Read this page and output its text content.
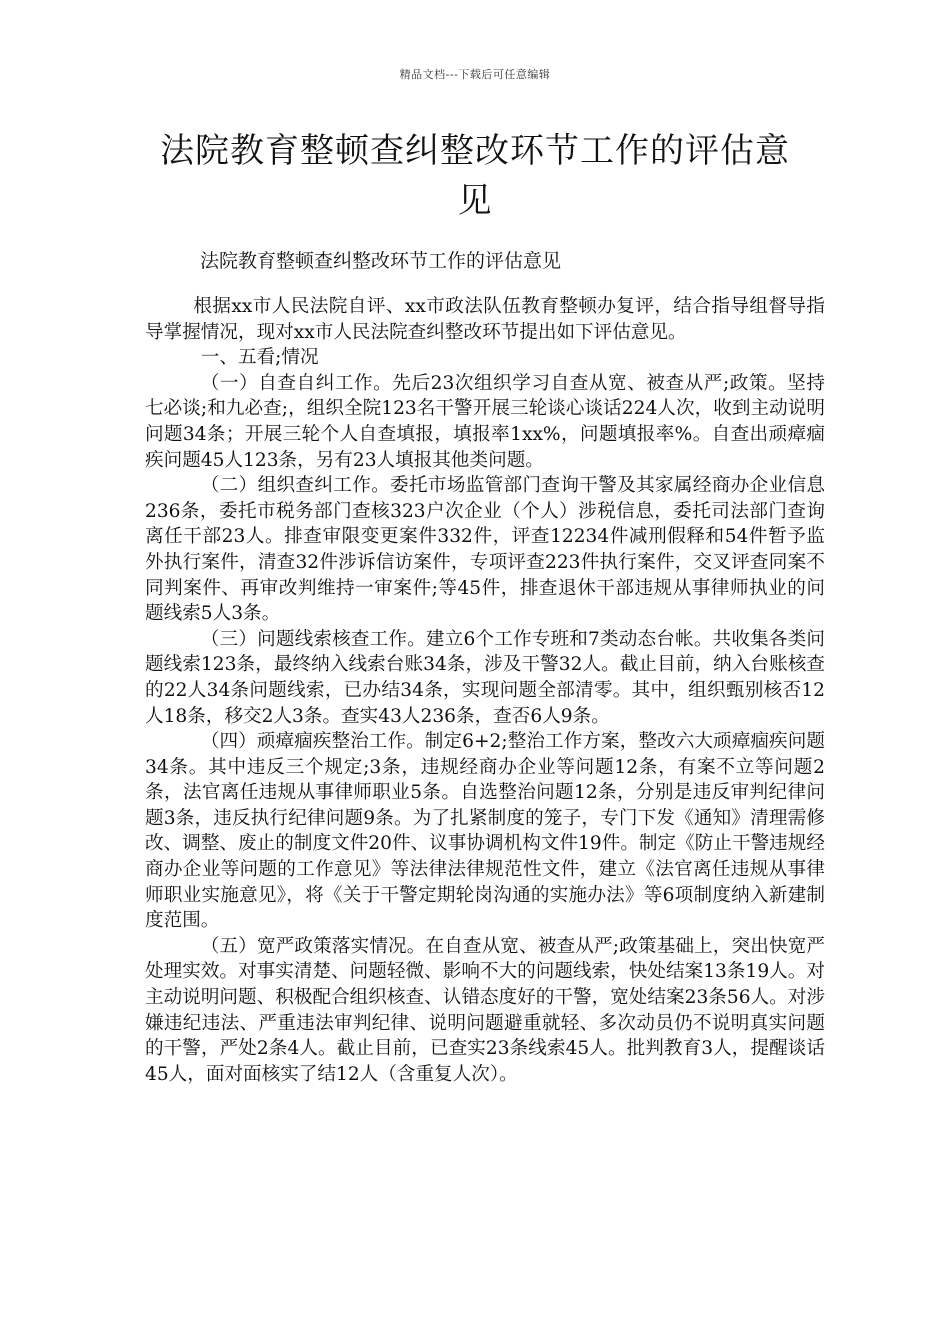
精品文档---下载后可任意编辑
法院教育整顿查纠整改环节工作的评估意见

法院教育整顿查纠整改环节工作的评估意见

根据xx市人民法院自评、xx市政法队伍教育整顿办复评，结合指导组督导指导掌握情况，现对xx市人民法院查纠整改环节提出如下评估意见。

一、五看;情况

（一）自查自纠工作。先后23次组织学习自查从宽、被查从严;政策。坚持七必谈;和九必查;，组织全院123名干警开展三轮谈心谈话224人次，收到主动说明问题34条；开展三轮个人自查填报，填报率1xx%，问题填报率%。自查出顽瘴痼疾问题45人123条，另有23人填报其他类问题。

（二）组织查纠工作。委托市场监管部门查询干警及其家属经商办企业信息236条，委托市税务部门查核323户次企业（个人）涉税信息，委托司法部门查询离任干部23人。排查审限变更案件332件，评查12234件减刑假释和54件暂予监外执行案件，清查32件涉诉信访案件，专项评查223件执行案件，交叉评查同案不同判案件、再审改判维持一审案件;等45件，排查退休干部违规从事律师执业的问题线索5人3条。

（三）问题线索核查工作。建立6个工作专班和7类动态台帐。共收集各类问题线索123条，最终纳入线索台账34条，涉及干警32人。截止目前，纳入台账核查的22人34条问题线索，已办结34条，实现问题全部清零。其中，组织甄别核否12人18条，移交2人3条。查实43人236条，查否6人9条。

（四）顽瘴痼疾整治工作。制定6+2;整治工作方案，整改六大顽瘴痼疾问题34条。其中违反三个规定;3条，违规经商办企业等问题12条，有案不立等问题2条，法官离任违规从事律师职业5条。自选整治问题12条，分别是违反审判纪律问题3条，违反执行纪律问题9条。为了扎紧制度的笼子，专门下发《通知》清理需修改、调整、废止的制度文件20件、议事协调机构文件19件。制定《防止干警违规经商办企业等问题的工作意见》等法律法律规范性文件，建立《法官离任违规从事律师职业实施意见》，将《关于干警定期轮岗沟通的实施办法》等6项制度纳入新建制度范围。

（五）宽严政策落实情况。在自查从宽、被查从严;政策基础上，突出快宽严处理实效。对事实清楚、问题轻微、影响不大的问题线索，快处结案13条19人。对主动说明问题、积极配合组织核查、认错态度好的干警，宽处结案23条56人。对涉嫌违纪违法、严重违法审判纪律、说明问题避重就轻、多次动员仍不说明真实问题的干警，严处2条4人。截止目前，已查实23条线索45人。批判教育3人，提醒谈话45人，面对面核实了结12人（含重复人次）。
